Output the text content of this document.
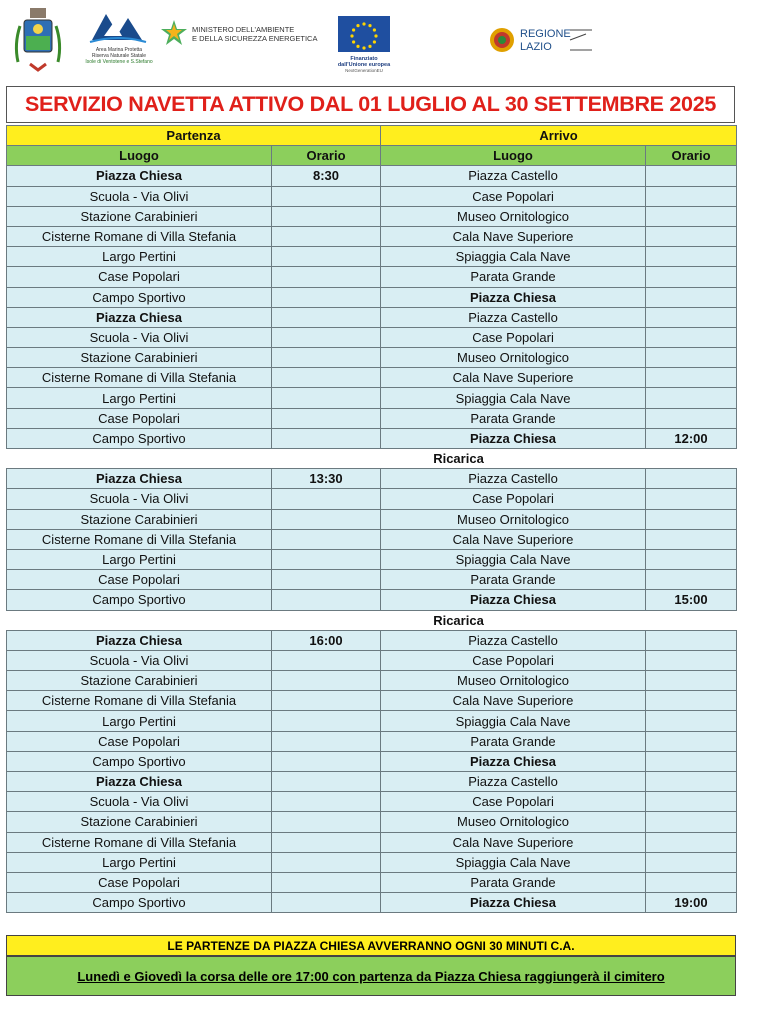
Area Marina Protetta
Riserva Naturale Statale
Isole di Ventotene e S.Stefano
MINISTERO DELL'AMBIENTE
E DELLA SICUREZZA ENERGETICA
Finanziato
dall'Unione europea
NextGenerationEU
REGIONE
LAZIO
SERVIZIO NAVETTA ATTIVO DAL 01 LUGLIO AL 30 SETTEMBRE 2025
Partenza		Arrivo	
Luogo	Orario	Luogo	Orario
Piazza Chiesa	8:30	Piazza Castello	
Scuola - Via Olivi		Case Popolari	
Stazione Carabinieri		Museo Ornitologico	
Cisterne Romane di Villa Stefania		Cala Nave Superiore	
Largo Pertini		Spiaggia Cala Nave	
Case Popolari		Parata Grande	
Campo Sportivo		Piazza Chiesa	
Piazza Chiesa		Piazza Castello	
Scuola - Via Olivi		Case Popolari	
Stazione Carabinieri		Museo Ornitologico	
Cisterne Romane di Villa Stefania		Cala Nave Superiore	
Largo Pertini		Spiaggia Cala Nave	
Case Popolari		Parata Grande	
Campo Sportivo		Piazza Chiesa	12:00
	Ricarica		
Piazza Chiesa	13:30	Piazza Castello	
Scuola - Via Olivi		Case Popolari	
Stazione Carabinieri		Museo Ornitologico	
Cisterne Romane di Villa Stefania		Cala Nave Superiore	
Largo Pertini		Spiaggia Cala Nave	
Case Popolari		Parata Grande	
Campo Sportivo		Piazza Chiesa	15:00
	Ricarica		
Piazza Chiesa	16:00	Piazza Castello	
Scuola - Via Olivi		Case Popolari	
Stazione Carabinieri		Museo Ornitologico	
Cisterne Romane di Villa Stefania		Cala Nave Superiore	
Largo Pertini		Spiaggia Cala Nave	
Case Popolari		Parata Grande	
Campo Sportivo		Piazza Chiesa	
Piazza Chiesa		Piazza Castello	
Scuola - Via Olivi		Case Popolari	
Stazione Carabinieri		Museo Ornitologico	
Cisterne Romane di Villa Stefania		Cala Nave Superiore	
Largo Pertini		Spiaggia Cala Nave	
Case Popolari		Parata Grande	
Campo Sportivo		Piazza Chiesa	19:00
LE PARTENZE DA PIAZZA CHIESA AVVERRANNO OGNI 30 MINUTI C.A.
Lunedì e Giovedì la corsa delle ore 17:00 con partenza da Piazza Chiesa raggiungerà il cimitero
